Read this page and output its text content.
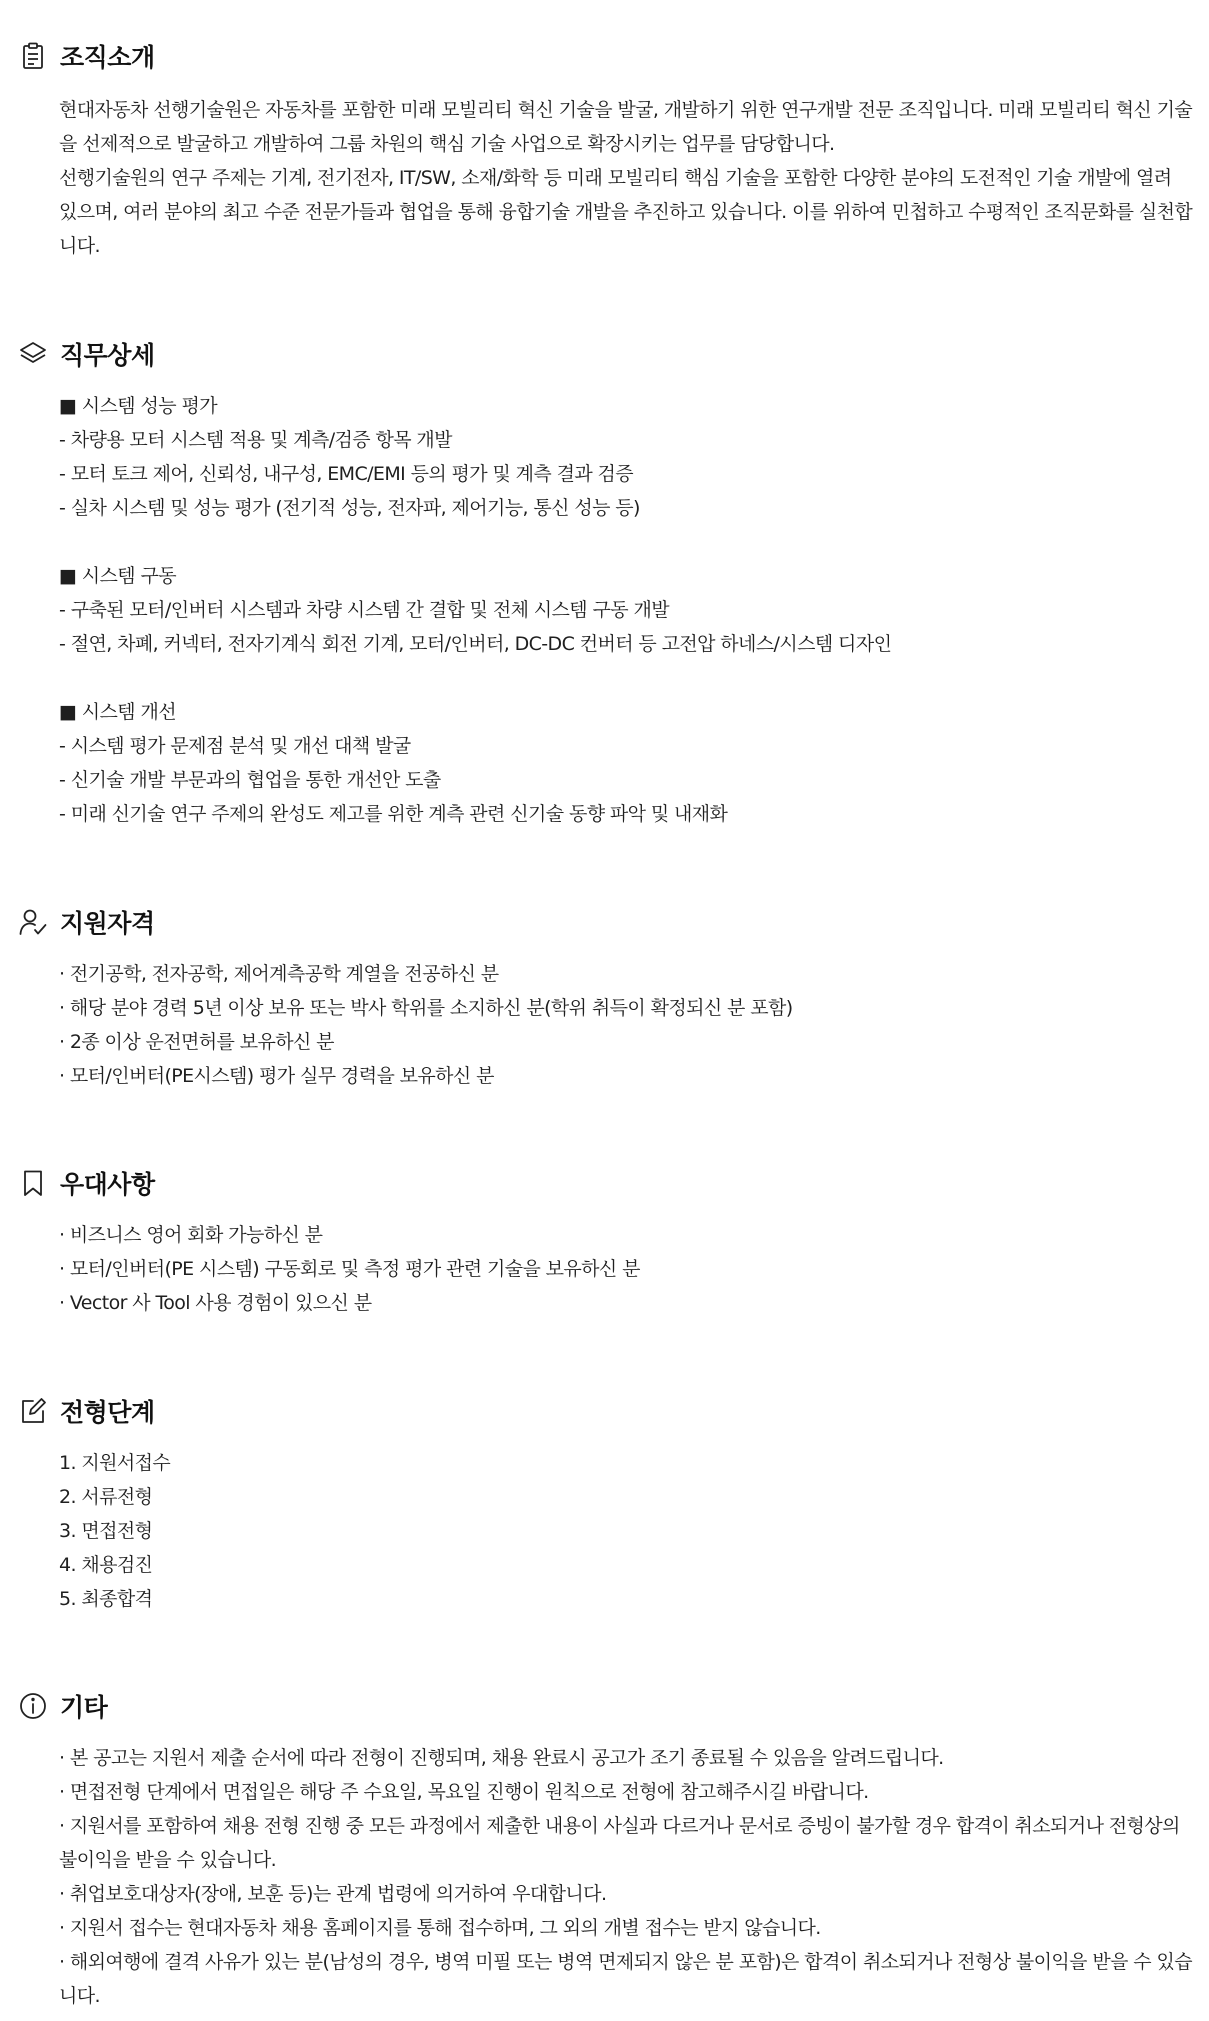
조직소개

현대자동차 선행기술원은 자동차를 포함한 미래 모빌리티 혁신 기술을 발굴, 개발하기 위한 연구개발 전문 조직입니다. 미래 모빌리티 혁신 기술을 선제적으로 발굴하고 개발하여 그룹 차원의 핵심 기술 사업으로 확장시키는 업무를 담당합니다.

선행기술원의 연구 주제는 기계, 전기전자, IT/SW, 소재/화학 등 미래 모빌리티 핵심 기술을 포함한 다양한 분야의 도전적인 기술 개발에 열려 있으며, 여러 분야의 최고 수준 전문가들과 협업을 통해 융합기술 개발을 추진하고 있습니다. 이를 위하여 민첩하고 수평적인 조직문화를 실천합니다.

직무상세
■ 시스템 성능 평가
- 차량용 모터 시스템 적용 및 계측/검증 항목 개발
- 모터 토크 제어, 신뢰성, 내구성, EMC/EMI 등의 평가 및 계측 결과 검증
- 실차 시스템 및 성능 평가 (전기적 성능, 전자파, 제어기능, 통신 성능 등)
■ 시스템 구동
- 구축된 모터/인버터 시스템과 차량 시스템 간 결합 및 전체 시스템 구동 개발
- 절연, 차폐, 커넥터, 전자기계식 회전 기계, 모터/인버터, DC-DC 컨버터 등 고전압 하네스/시스템 디자인
■ 시스템 개선
- 시스템 평가 문제점 분석 및 개선 대책 발굴
- 신기술 개발 부문과의 협업을 통한 개선안 도출
- 미래 신기술 연구 주제의 완성도 제고를 위한 계측 관련 신기술 동향 파악 및 내재화
지원자격
· 전기공학, 전자공학, 제어계측공학 계열을 전공하신 분
· 해당 분야 경력 5년 이상 보유 또는 박사 학위를 소지하신 분(학위 취득이 확정되신 분 포함)
· 2종 이상 운전면허를 보유하신 분
· 모터/인버터(PE시스템) 평가 실무 경력을 보유하신 분
우대사항
· 비즈니스 영어 회화 가능하신 분
· 모터/인버터(PE 시스템) 구동회로 및 측정 평가 관련 기술을 보유하신 분
· Vector 사 Tool 사용 경험이 있으신 분
전형단계
1. 지원서접수
2. 서류전형
3. 면접전형
4. 채용검진
5. 최종합격
기타

· 본 공고는 지원서 제출 순서에 따라 전형이 진행되며, 채용 완료시 공고가 조기 종료될 수 있음을 알려드립니다.

· 면접전형 단계에서 면접일은 해당 주 수요일, 목요일 진행이 원칙으로 전형에 참고해주시길 바랍니다.

· 지원서를 포함하여 채용 전형 진행 중 모든 과정에서 제출한 내용이 사실과 다르거나 문서로 증빙이 불가할 경우 합격이 취소되거나 전형상의 불이익을 받을 수 있습니다.

· 취업보호대상자(장애, 보훈 등)는 관계 법령에 의거하여 우대합니다.

· 지원서 접수는 현대자동차 채용 홈페이지를 통해 접수하며, 그 외의 개별 접수는 받지 않습니다.

· 해외여행에 결격 사유가 있는 분(남성의 경우, 병역 미필 또는 병역 면제되지 않은 분 포함)은 합격이 취소되거나 전형상 불이익을 받을 수 있습니다.
